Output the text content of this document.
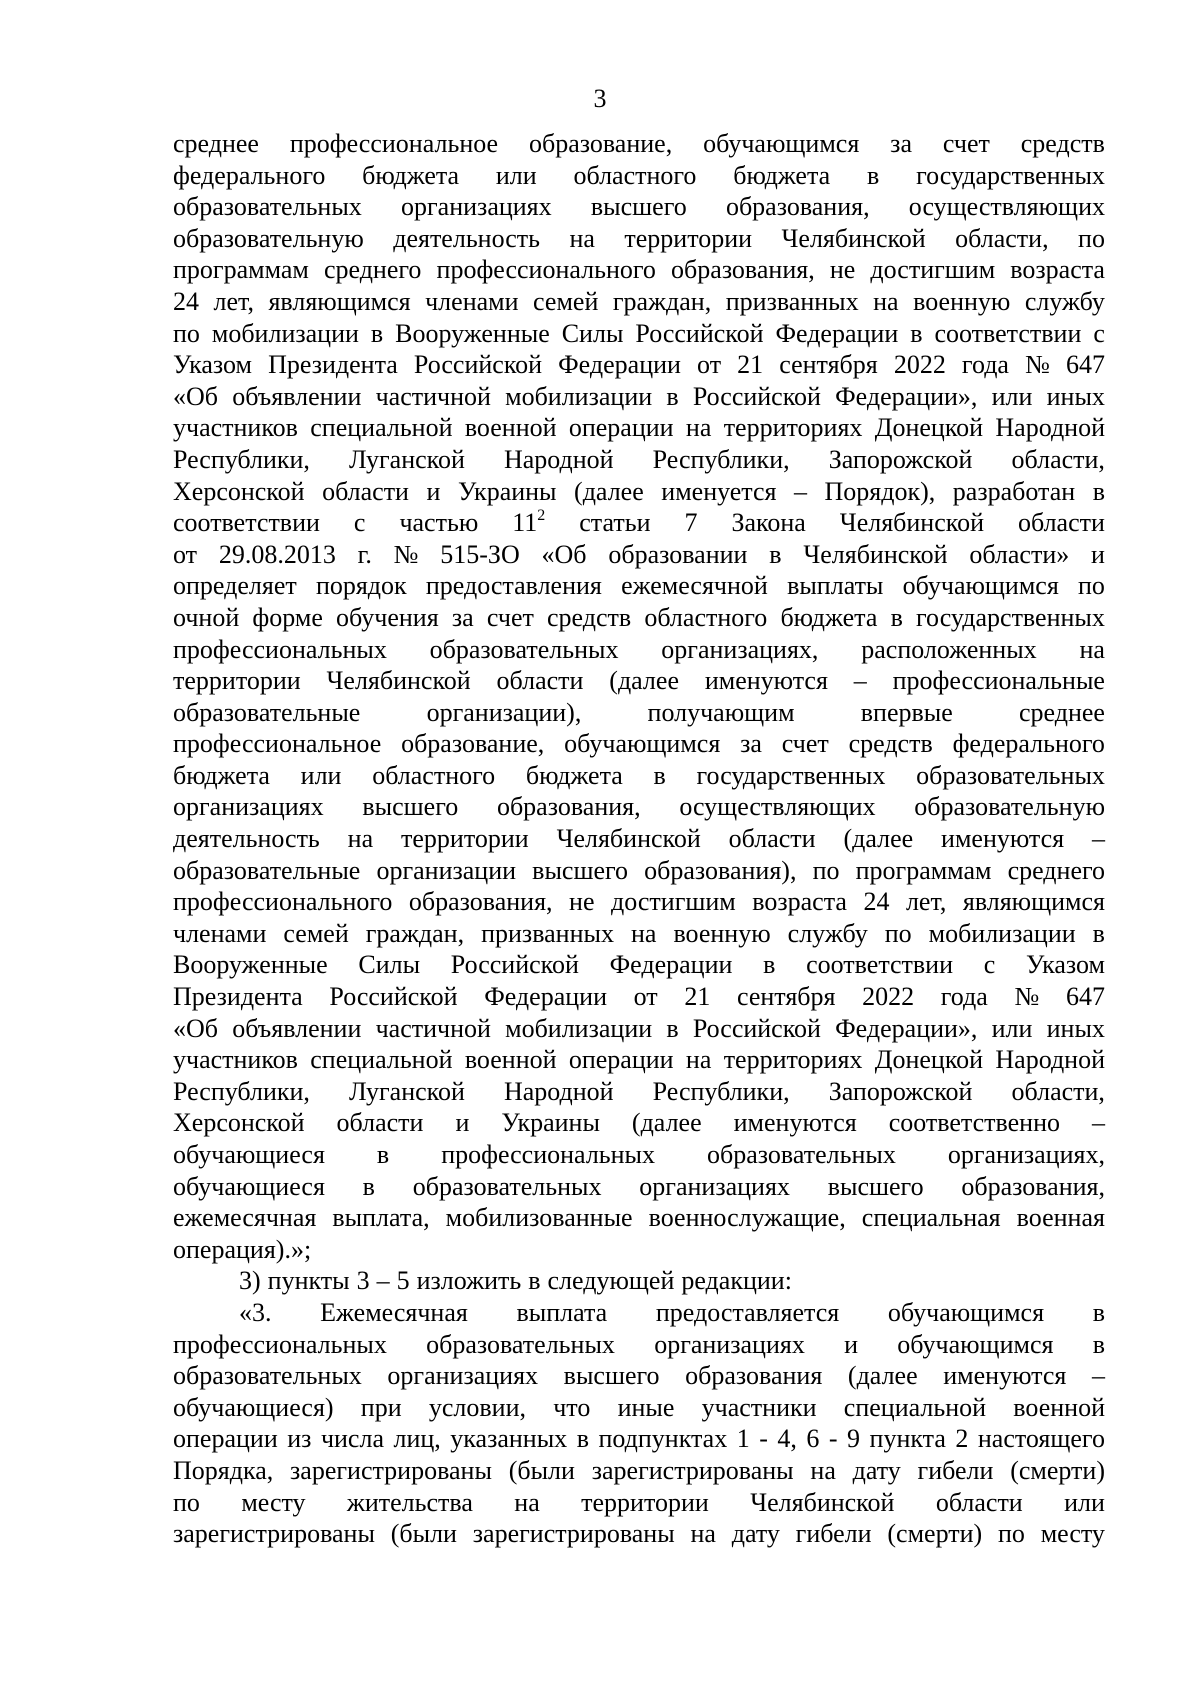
3
среднее профессиональное образование, обучающимся за счет средств
федерального бюджета или областного бюджета в государственных
образовательных организациях высшего образования, осуществляющих
образовательную деятельность на территории Челябинской области, по
программам среднего профессионального образования, не достигшим возраста
24 лет, являющимся членами семей граждан, призванных на военную службу
по мобилизации в Вооруженные Силы Российской Федерации в соответствии с
Указом Президента Российской Федерации от 21 сентября 2022 года № 647
«Об объявлении частичной мобилизации в Российской Федерации», или иных
участников специальной военной операции на территориях Донецкой Народной
Республики, Луганской Народной Республики, Запорожской области,
Херсонской области и Украины (далее именуется – Порядок), разработан в
соответствии с частью $11^2$ статьи 7 Закона Челябинской области
от 29.08.2013 г. № 515-ЗО «Об образовании в Челябинской области» и
определяет порядок предоставления ежемесячной выплаты обучающимся по
очной форме обучения за счет средств областного бюджета в государственных
профессиональных образовательных организациях, расположенных на
территории Челябинской области (далее именуются – профессиональные
образовательные	организации),	получающим	впервые	среднее
профессиональное образование, обучающимся за счет средств федерального
бюджета или областного бюджета в государственных образовательных
организациях высшего образования, осуществляющих образовательную
деятельность на территории Челябинской области (далее именуются –
образовательные организации высшего образования), по программам среднего
профессионального образования, не достигшим возраста 24 лет, являющимся
членами семей граждан, призванных на военную службу по мобилизации в
Вооруженные Силы Российской Федерации в соответствии с Указом
Президента Российской Федерации от 21 сентября 2022 года № 647
«Об объявлении частичной мобилизации в Российской Федерации», или иных
участников специальной военной операции на территориях Донецкой Народной
Республики, Луганской Народной Республики, Запорожской области,
Херсонской области и Украины (далее именуются соответственно –
обучающиеся в профессиональных образовательных организациях,
обучающиеся в образовательных организациях высшего образования,
ежемесячная выплата, мобилизованные военнослужащие, специальная военная
операция).»;
3) пункты 3 – 5 изложить в следующей редакции:
«3. Ежемесячная выплата предоставляется обучающимся в
профессиональных образовательных организациях и обучающимся в
образовательных организациях высшего образования (далее именуются –
обучающиеся) при условии, что иные участники специальной военной
операции из числа лиц, указанных в подпунктах 1 - 4, 6 - 9 пункта 2 настоящего
Порядка, зарегистрированы (были зарегистрированы на дату гибели (смерти)
по месту жительства на территории Челябинской области или
зарегистрированы (были зарегистрированы на дату гибели (смерти) по месту
